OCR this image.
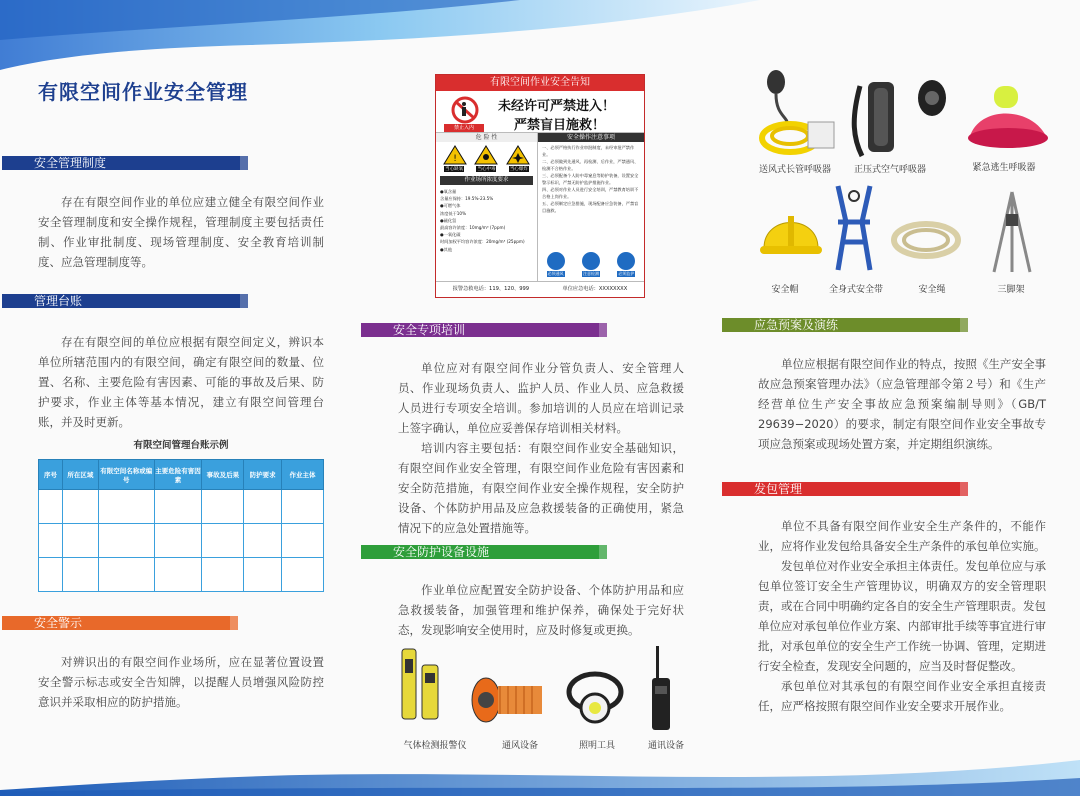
有限空间作业安全管理
安全管理制度

存在有限空间作业的单位应建立健全有限空间作业安全管理制度和安全操作规程，管理制度主要包括责任制、作业审批制度、现场管理制度、安全教育培训制度、应急管理制度等。

管理台账

存在有限空间的单位应根据有限空间定义，辨识本单位所辖范围内的有限空间，确定有限空间的数量、位置、名称、主要危险有害因素、可能的事故及后果、防护要求，作业主体等基本情况，建立有限空间管理台账，并及时更新。

有限空间管理台账示例
序号	所在区域	有限空间名称或编号	主要危险有害因素	事故及后果	防护要求	作业主体

安全警示

对辨识出的有限空间作业场所，应在显著位置设置安全警示标志或安全告知牌，以提醒人员增强风险防控意识并采取相应的防护措施。

有限空间作业安全告知
禁止入内
未经许可严禁进入！
严禁盲目施救！
危 险 性
!
当心缺氧	当心中毒	当心爆炸
作业场所浓度要求
●氧含量
含量应保持：19.5%-23.5%
●可燃气体
浓度低于10%
●硫化氢
最高容许浓度：10mg/m³ (7ppm)
●一氧化碳
时间加权平均容许浓度：20mg/m³ (25ppm)
●其他
安全操作注意事项
一、必须严格执行作业审批制度，未经审批严禁作业。
二、必须做到先通风、再检测、后作业，严禁通风、检测不合格作业。
三、必须配备个人防中毒窒息等防护装备，设置安全警示标识，严禁无防护监护措施作业。
四、必须对作业人员进行安全培训，严禁教育培训不合格上岗作业。
五、必须制定应急措施，现场配备应急装备，严禁盲目施救。
必须通风	注意检测	必须监护
报警急救电话：119、120、999	单位应急电话：XXXXXXXX
安全专项培训

单位应对有限空间作业分管负责人、安全管理人员、作业现场负责人、监护人员、作业人员、应急救援人员进行专项安全培训。参加培训的人员应在培训记录上签字确认，单位应妥善保存培训相关材料。

培训内容主要包括：有限空间作业安全基础知识，有限空间作业安全管理，有限空间作业危险有害因素和安全防范措施，有限空间作业安全操作规程，安全防护设备、个体防护用品及应急救援装备的正确使用，紧急情况下的应急处置措施等。

安全防护设备设施

作业单位应配置安全防护设备、个体防护用品和应急救援装备，加强管理和维护保养，确保处于完好状态，发现影响安全使用时，应及时修复或更换。

气体检测报警仪	通风设备	照明工具	通讯设备
送风式长管呼吸器	正压式空气呼吸器	紧急逃生呼吸器
安全帽	全身式安全带	安全绳	三脚架
应急预案及演练

单位应根据有限空间作业的特点，按照《生产安全事故应急预案管理办法》（应急管理部令第２号）和《生产经营单位生产安全事故应急预案编制导则》（GB/T 29639−2020）的要求，制定有限空间作业安全事故专项应急预案或现场处置方案，并定期组织演练。

发包管理

单位不具备有限空间作业安全生产条件的，不能作业，应将作业发包给具备安全生产条件的承包单位实施。

发包单位对作业安全承担主体责任。发包单位应与承包单位签订安全生产管理协议，明确双方的安全管理职责，或在合同中明确约定各自的安全生产管理职责。发包单位应对承包单位作业方案、内部审批手续等事宜进行审批，对承包单位的安全生产工作统一协调、管理，定期进行安全检查，发现安全问题的，应当及时督促整改。

承包单位对其承包的有限空间作业安全承担直接责任，应严格按照有限空间作业安全要求开展作业。
